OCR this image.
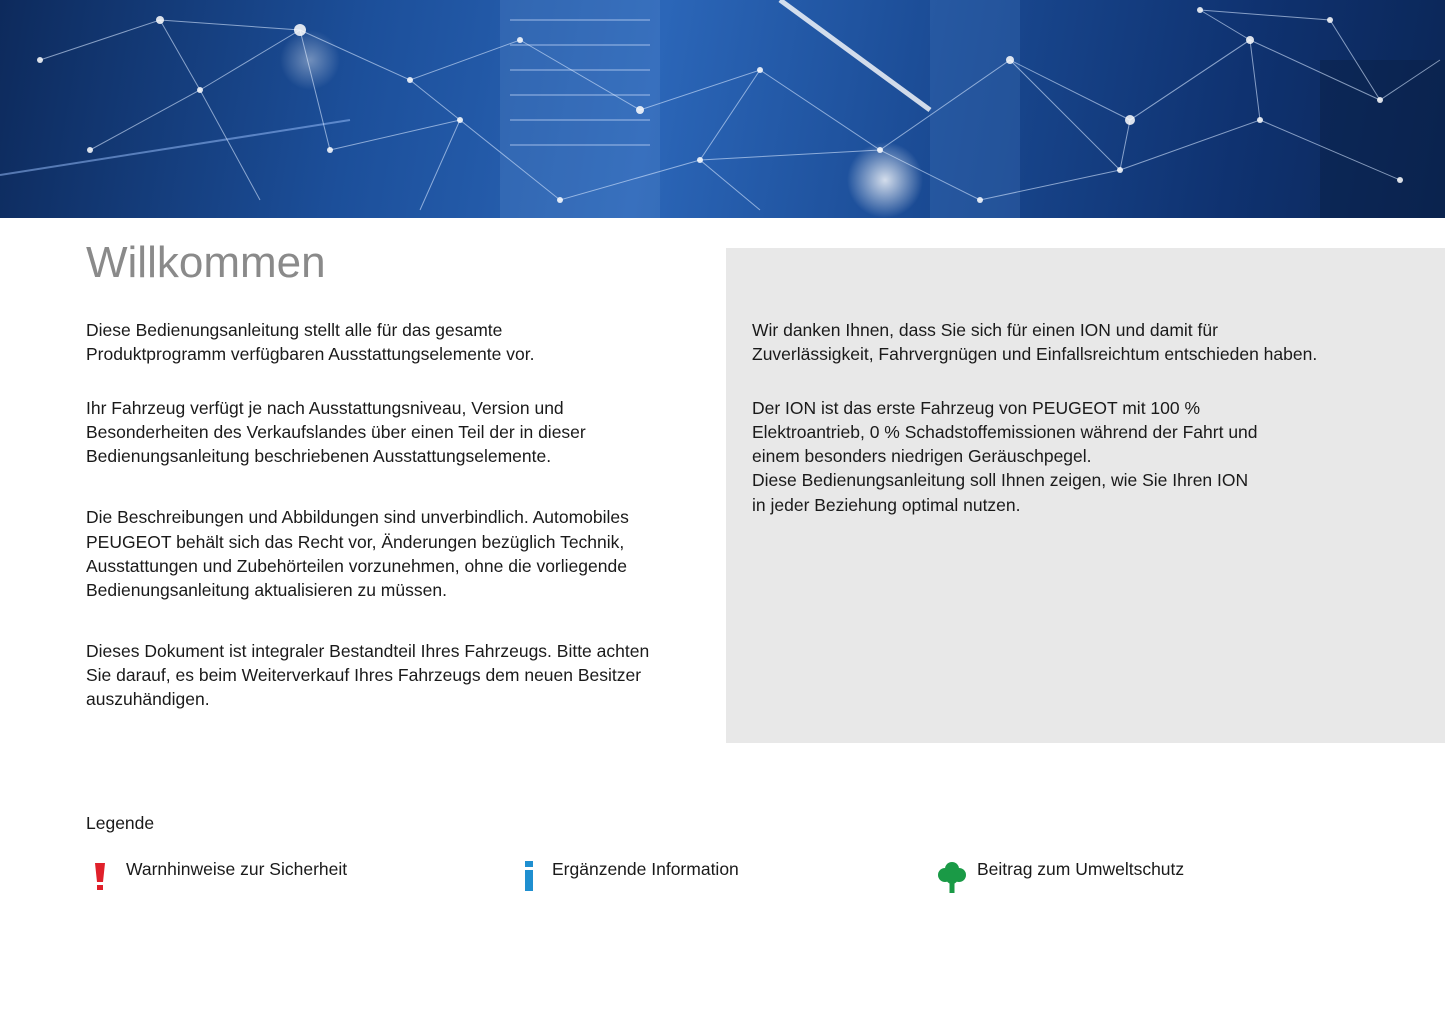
Willkommen

Diese Bedienungsanleitung stellt alle für das gesamte
Produktprogramm verfügbaren Ausstattungselemente vor.

Ihr Fahrzeug verfügt je nach Ausstattungsniveau, Version und
Besonderheiten des Verkaufslandes über einen Teil der in dieser
Bedienungsanleitung beschriebenen Ausstattungselemente.

Die Beschreibungen und Abbildungen sind unverbindlich. Automobiles
PEUGEOT behält sich das Recht vor, Änderungen bezüglich Technik,
Ausstattungen und Zubehörteilen vorzunehmen, ohne die vorliegende
Bedienungsanleitung aktualisieren zu müssen.

Dieses Dokument ist integraler Bestandteil Ihres Fahrzeugs. Bitte achten
Sie darauf, es beim Weiterverkauf Ihres Fahrzeugs dem neuen Besitzer
auszuhändigen.

Wir danken Ihnen, dass Sie sich für einen ION und damit für
Zuverlässigkeit, Fahrvergnügen und Einfallsreichtum entschieden haben.

Der ION ist das erste Fahrzeug von PEUGEOT mit 100 %
Elektroantrieb, 0 % Schadstoffemissionen während der Fahrt und
einem besonders niedrigen Geräuschpegel.
Diese Bedienungsanleitung soll Ihnen zeigen, wie Sie Ihren ION
in jeder Beziehung optimal nutzen.

Legende
Warnhinweise zur Sicherheit	Ergänzende Information	Beitrag zum Umweltschutz
